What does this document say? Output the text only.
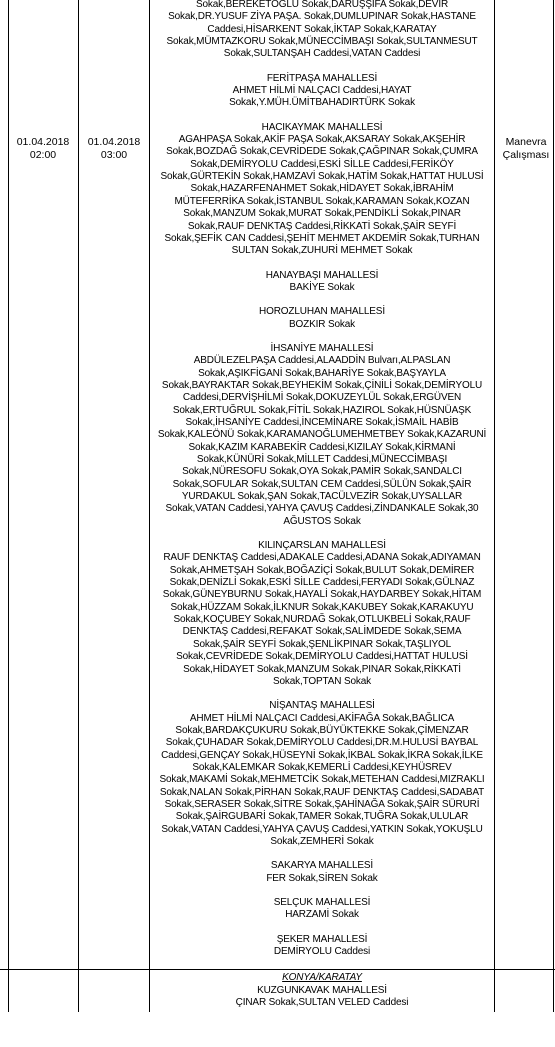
01.04.2018
02:00
01.04.2018
03:00
Manevra
Çalışması
Sokak,BEREKETOĞLU Sokak,DARÜŞŞİFA Sokak,DEVİR
Sokak,DR.YUSUF ZİYA PAŞA. Sokak,DUMLUPINAR Sokak,HASTANE
Caddesi,HİSARKENT Sokak,İKTAP Sokak,KARATAY
Sokak,MÜMTAZKORU Sokak,MÜNECCİMBAŞI Sokak,SULTANMESUT
Sokak,SULTANŞAH Caddesi,VATAN Caddesi
FERİTPAŞA MAHALLESİ
AHMET HİLMİ NALÇACI Caddesi,HAYAT
Sokak,Y.MÜH.ÜMİTBAHADIRTÜRK Sokak
HACIKAYMAK MAHALLESİ
AGAHPAŞA Sokak,AKİF PAŞA Sokak,AKSARAY Sokak,AKŞEHİR
Sokak,BOZDAĞ Sokak,CEVRİDEDE Sokak,ÇAĞPINAR Sokak,ÇUMRA
Sokak,DEMİRYOLU Caddesi,ESKİ SİLLE Caddesi,FERİKÖY
Sokak,GÜRTEKİN Sokak,HAMZAVİ Sokak,HATİM Sokak,HATTAT HULUSİ
Sokak,HAZARFENAHMET Sokak,HİDAYET Sokak,İBRAHİM
MÜTEFERRİKA Sokak,İSTANBUL Sokak,KARAMAN Sokak,KOZAN
Sokak,MANZUM Sokak,MURAT Sokak,PENDİKLİ Sokak,PINAR
Sokak,RAUF DENKTAŞ Caddesi,RİKKATİ Sokak,ŞAİR SEYFİ
Sokak,ŞEFİK CAN Caddesi,ŞEHİT MEHMET AKDEMİR Sokak,TURHAN
SULTAN Sokak,ZUHURİ MEHMET Sokak
HANAYBAŞI MAHALLESİ
BAKİYE Sokak
HOROZLUHAN MAHALLESİ
BOZKIR Sokak
İHSANİYE MAHALLESİ
ABDÜLEZELPAŞA Caddesi,ALAADDİN Bulvarı,ALPASLAN
Sokak,AŞIKFİGANİ Sokak,BAHARİYE Sokak,BAŞYAYLA
Sokak,BAYRAKTAR Sokak,BEYHEKİM Sokak,ÇİNİLİ Sokak,DEMİRYOLU
Caddesi,DERVİŞHİLMİ Sokak,DOKUZEYLÜL Sokak,ERGÜVEN
Sokak,ERTUĞRUL Sokak,FİTİL Sokak,HAZIROL Sokak,HÜSNÜAŞK
Sokak,İHSANİYE Caddesi,İNCEMİNARE Sokak,İSMAİL HABİB
Sokak,KALEÖNÜ Sokak,KARAMANOĞLUMEHMETBEY Sokak,KAZARUNİ
Sokak,KAZIM KARABEKİR Caddesi,KIZILAY Sokak,KİRMANİ
Sokak,KÜNÜRİ Sokak,MİLLET Caddesi,MÜNECCİMBAŞI
Sokak,NÜRESOFU Sokak,OYA Sokak,PAMİR Sokak,SANDALCI
Sokak,SOFULAR Sokak,SULTAN CEM Caddesi,SÜLÜN Sokak,ŞAİR
YURDAKUL Sokak,ŞAN Sokak,TACÜLVEZİR Sokak,UYSALLAR
Sokak,VATAN Caddesi,YAHYA ÇAVUŞ Caddesi,ZİNDANKALE Sokak,30
AĞUSTOS Sokak
KILINÇARSLAN MAHALLESİ
RAUF DENKTAŞ Caddesi,ADAKALE Caddesi,ADANA Sokak,ADIYAMAN
Sokak,AHMETŞAH Sokak,BOĞAZİÇİ Sokak,BULUT Sokak,DEMİRER
Sokak,DENİZLİ Sokak,ESKİ SİLLE Caddesi,FERYADI Sokak,GÜLNAZ
Sokak,GÜNEYBURNU Sokak,HAYALİ Sokak,HAYDARBEY Sokak,HİTAM
Sokak,HÜZZAM Sokak,İLKNUR Sokak,KAKUBEY Sokak,KARAKUYU
Sokak,KOÇUBEY Sokak,NURDAĞ Sokak,OTLUKBELİ Sokak,RAUF
DENKTAŞ Caddesi,REFAKAT Sokak,SALİMDEDE Sokak,SEMA
Sokak,ŞAİR SEYFİ Sokak,ŞENLİKPINAR Sokak,TAŞLIYOL
Sokak,CEVRİDEDE Sokak,DEMİRYOLU Caddesi,HATTAT HULUSİ
Sokak,HİDAYET Sokak,MANZUM Sokak,PINAR Sokak,RİKKATİ
Sokak,TOPTAN Sokak
NİŞANTAŞ MAHALLESİ
AHMET HİLMİ NALÇACI Caddesi,AKİFAĞA Sokak,BAĞLICA
Sokak,BARDAKÇUKURU Sokak,BÜYÜKTEKKE Sokak,ÇİMENZAR
Sokak,ÇUHADAR Sokak,DEMİRYOLU Caddesi,DR.M.HULUSİ BAYBAL
Caddesi,GENÇAY Sokak,HÜSEYNİ Sokak,İKBAL Sokak,İKRA Sokak,İLKE
Sokak,KALEMKAR Sokak,KEMERLİ Caddesi,KEYHÜSREV
Sokak,MAKAMİ Sokak,MEHMETCİK Sokak,METEHAN Caddesi,MIZRAKLI
Sokak,NALAN Sokak,PİRHAN Sokak,RAUF DENKTAŞ Caddesi,SADABAT
Sokak,SERASER Sokak,SİTRE Sokak,ŞAHİNAĞA Sokak,ŞAİR SÜRURİ
Sokak,ŞAİRGUBARİ Sokak,TAMER Sokak,TUĞRA Sokak,ULULAR
Sokak,VATAN Caddesi,YAHYA ÇAVUŞ Caddesi,YATKIN Sokak,YOKUŞLU
Sokak,ZEMHERİ Sokak
SAKARYA MAHALLESİ
FER Sokak,SİREN Sokak
SELÇUK MAHALLESİ
HARZAMİ Sokak
ŞEKER MAHALLESİ
DEMİRYOLU Caddesi
KONYA/KARATAY
KUZGUNKAVAK MAHALLESİ
ÇINAR Sokak,SULTAN VELED Caddesi
